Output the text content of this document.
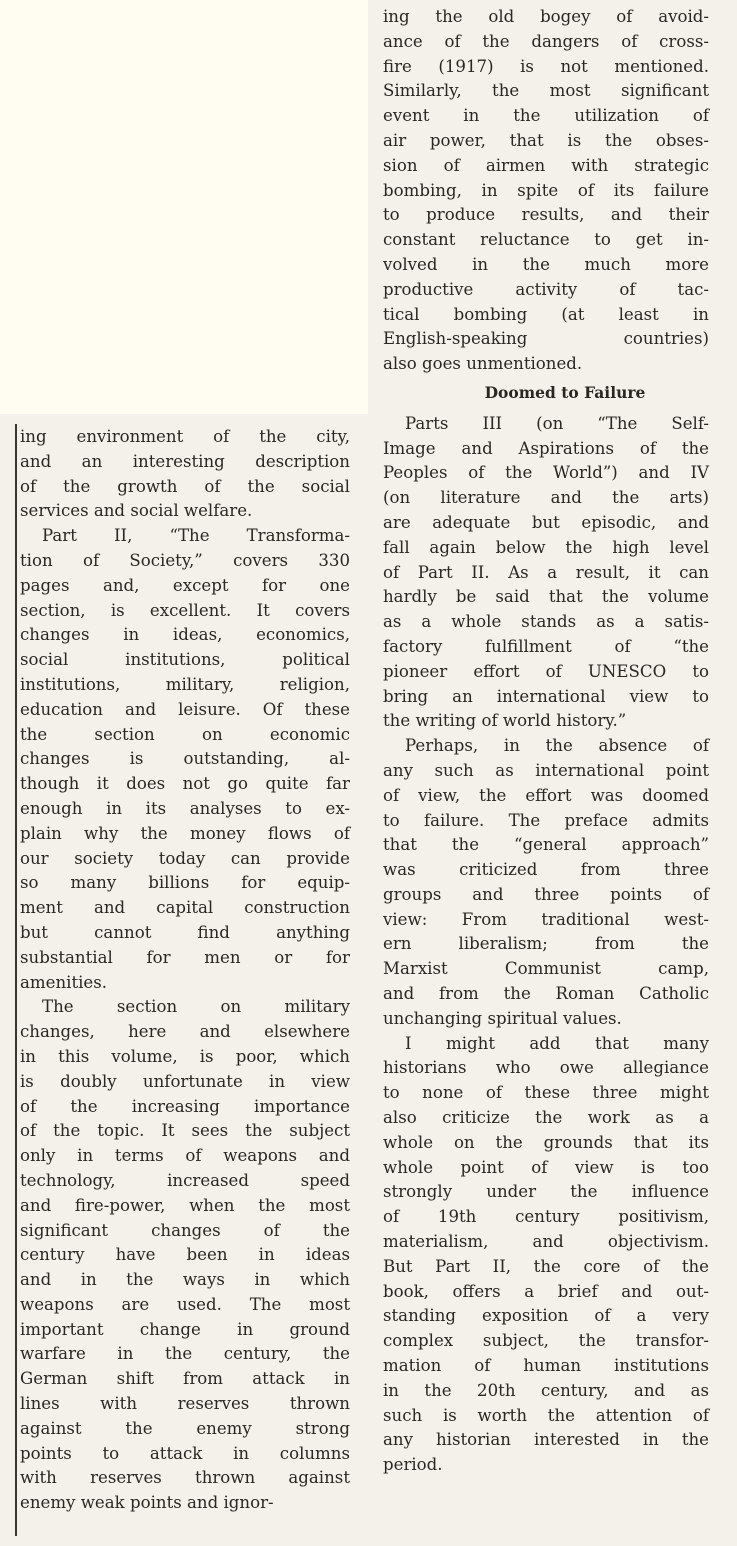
ing environment of the city,
and an interesting description
of the growth of the social
services and social welfare.
Part II, “The Transforma-
tion of Society,” covers 330
pages and, except for one
section, is excellent. It covers
changes in ideas, economics,
social institutions, political
institutions, military, religion,
education and leisure. Of these
the section on economic
changes is outstanding, al-
though it does not go quite far
enough in its analyses to ex-
plain why the money flows of
our society today can provide
so many billions for equip-
ment and capital construction
but cannot find anything
substantial for men or for
amenities.
The section on military
changes, here and elsewhere
in this volume, is poor, which
is doubly unfortunate in view
of the increasing importance
of the topic. It sees the subject
only in terms of weapons and
technology, increased speed
and fire-power, when the most
significant changes of the
century have been in ideas
and in the ways in which
weapons are used. The most
important change in ground
warfare in the century, the
German shift from attack in
lines with reserves thrown
against the enemy strong
points to attack in columns
with reserves thrown against
enemy weak points and ignor-
ing the old bogey of avoid-
ance of the dangers of cross-
fire (1917) is not mentioned.
Similarly, the most significant
event in the utilization of
air power, that is the obses-
sion of airmen with strategic
bombing, in spite of its failure
to produce results, and their
constant reluctance to get in-
volved in the much more
productive activity of tac-
tical bombing (at least in
English-speaking countries)
also goes unmentioned.
Doomed to Failure
Parts III (on “The Self-
Image and Aspirations of the
Peoples of the World”) and IV
(on literature and the arts)
are adequate but episodic, and
fall again below the high level
of Part II. As a result, it can
hardly be said that the volume
as a whole stands as a satis-
factory fulfillment of “the
pioneer effort of UNESCO to
bring an international view to
the writing of world history.”
Perhaps, in the absence of
any such as international point
of view, the effort was doomed
to failure. The preface admits
that the “general approach”
was criticized from three
groups and three points of
view: From traditional west-
ern liberalism; from the
Marxist Communist camp,
and from the Roman Catholic
unchanging spiritual values.
I might add that many
historians who owe allegiance
to none of these three might
also criticize the work as a
whole on the grounds that its
whole point of view is too
strongly under the influence
of 19th century positivism,
materialism, and objectivism.
But Part II, the core of the
book, offers a brief and out-
standing exposition of a very
complex subject, the transfor-
mation of human institutions
in the 20th century, and as
such is worth the attention of
any historian interested in the
period.
